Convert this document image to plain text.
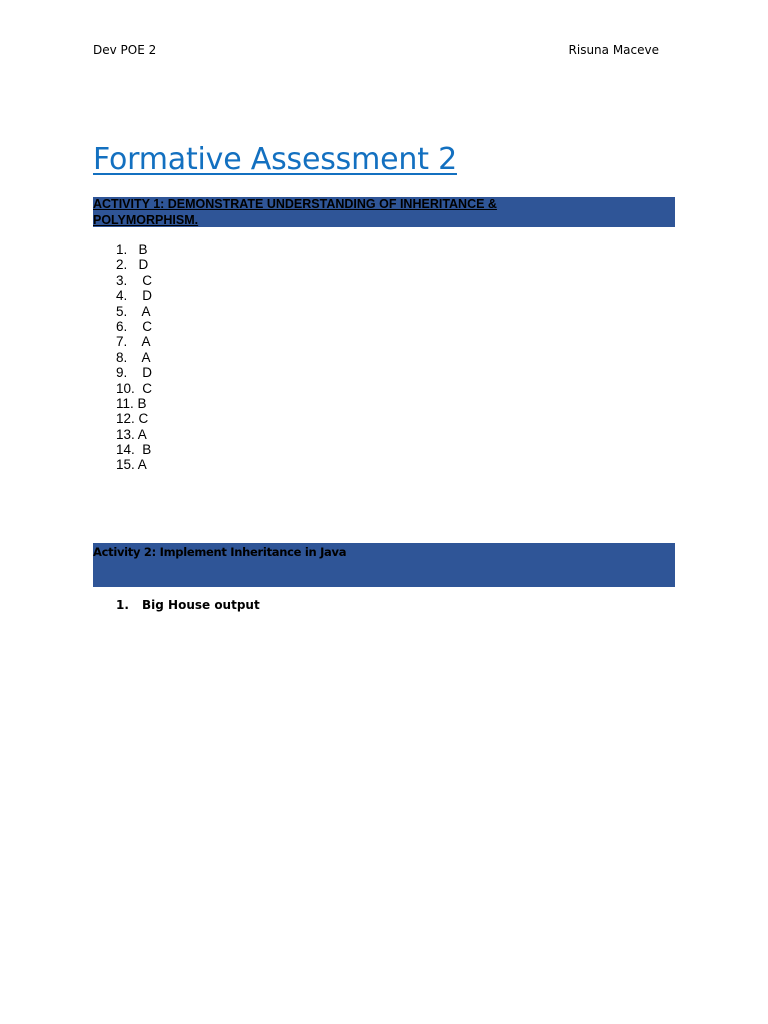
Dev POE 2	Risuna Maceve
Formative Assessment 2
ACTIVITY 1: DEMONSTRATE UNDERSTANDING OF INHERITANCE & POLYMORPHISM.
1. B
2. D
3. C
4. D
5. A
6. C
7. A
8. A
9. D
10. C
11. B
12. C
13. A
14. B
15. A
Activity 2: Implement Inheritance in Java
1. Big House output
